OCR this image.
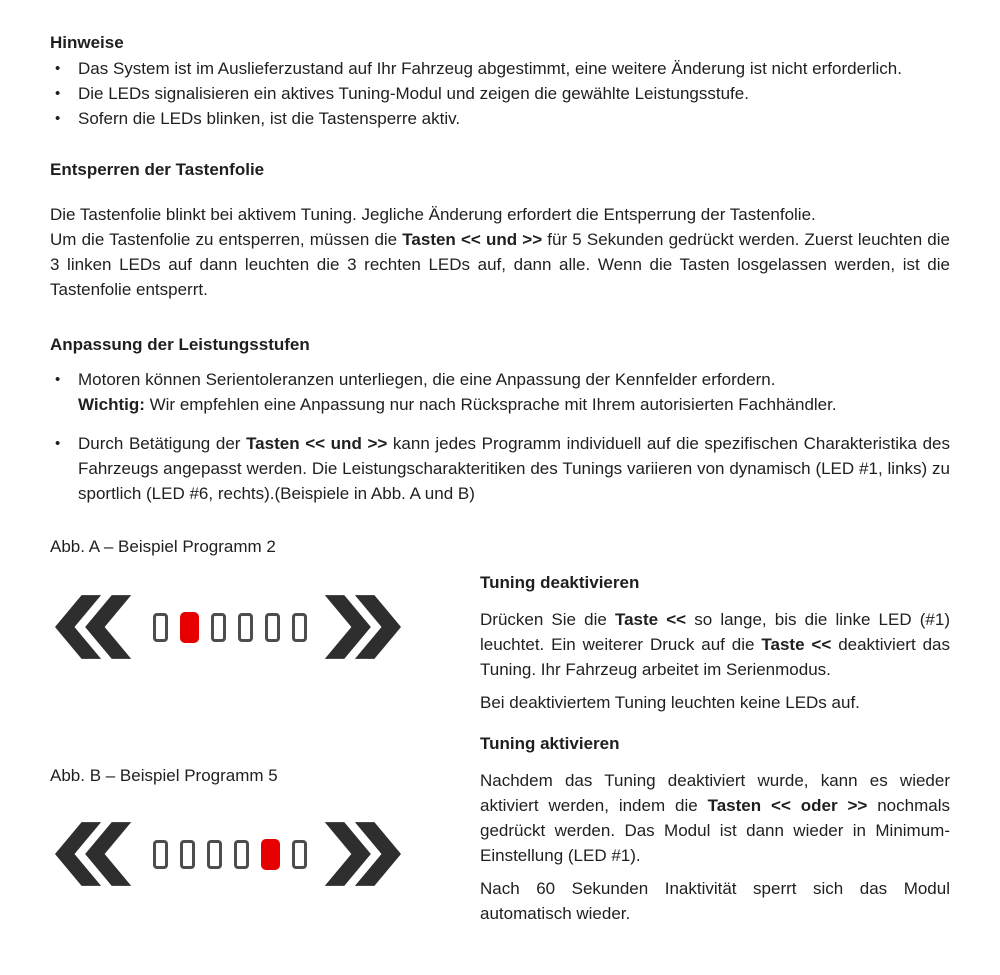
Hinweise
•	Das System ist im Auslieferzustand auf Ihr Fahrzeug abgestimmt, eine weitere Änderung ist nicht erforderlich.
•	Die LEDs signalisieren ein aktives Tuning-Modul und zeigen die gewählte Leistungsstufe.
•	Sofern die LEDs blinken, ist die Tastensperre aktiv.
Entsperren der Tastenfolie
Die Tastenfolie blinkt bei aktivem Tuning. Jegliche Änderung erfordert die Entsperrung der Tastenfolie.
Um die Tastenfolie zu entsperren, müssen die Tasten << und >> für 5 Sekunden gedrückt werden. Zuerst leuchten die 3 linken LEDs auf dann leuchten die 3 rechten LEDs auf, dann alle. Wenn die Tasten losgelassen werden, ist die Tastenfolie entsperrt.
Anpassung der Leistungsstufen
•	Motoren können Serientoleranzen unterliegen, die eine Anpassung der Kennfelder erfordern.
Wichtig: Wir empfehlen eine Anpassung nur nach Rücksprache mit Ihrem autorisierten Fachhändler.
•	Durch Betätigung der Tasten << und >> kann jedes Programm individuell auf die spezifischen Charakteristika des Fahrzeugs angepasst werden. Die Leistungscharakteritiken des Tunings variieren von dynamisch (LED #1, links) zu sportlich (LED #6, rechts).(Beispiele in Abb. A und B)
Abb. A – Beispiel Programm 2
Abb. B – Beispiel Programm 5
Tuning deaktivieren
Drücken Sie die Taste << so lange, bis die linke LED (#1) leuchtet. Ein weiterer Druck auf die Taste << deaktiviert das Tuning. Ihr Fahrzeug arbeitet im Serienmodus.
Bei deaktiviertem Tuning leuchten keine LEDs auf.
Tuning aktivieren
Nachdem das Tuning deaktiviert wurde, kann es wieder aktiviert werden, indem die Tasten << oder >> nochmals gedrückt werden. Das Modul ist dann wieder in Minimum-Einstellung (LED #1).
Nach 60 Sekunden Inaktivität sperrt sich das Modul automatisch wieder.
